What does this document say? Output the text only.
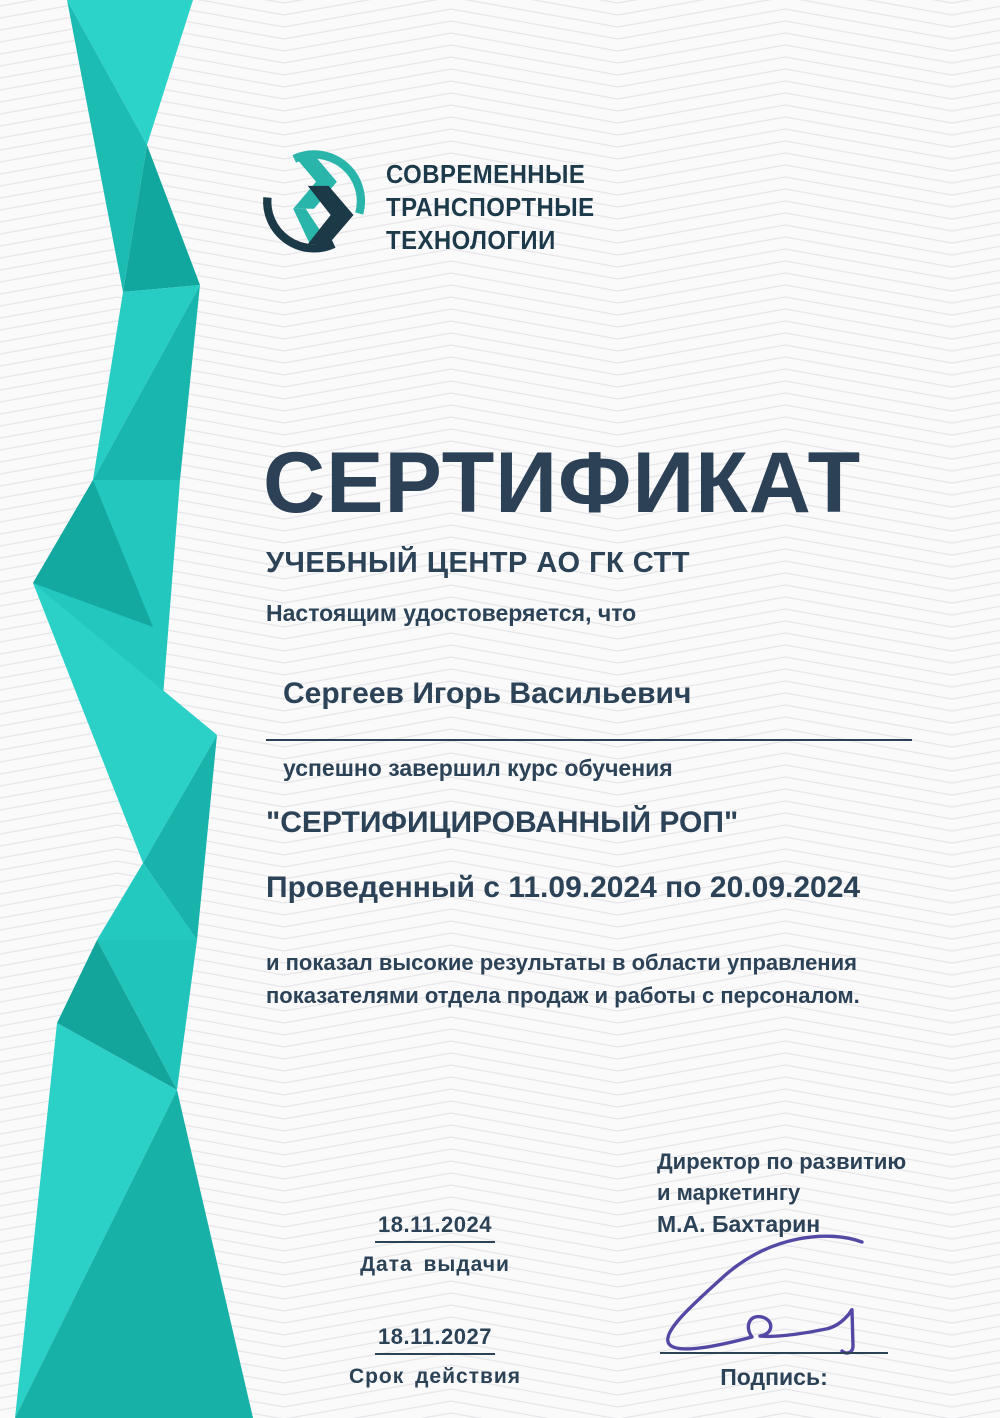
СОВРЕМЕННЫЕ
ТРАНСПОРТНЫЕ
ТЕХНОЛОГИИ
СЕРТИФИКАТ
УЧЕБНЫЙ ЦЕНТР АО ГК СТТ
Настоящим удостоверяется, что
Сергеев Игорь Васильевич
успешно завершил курс обучения
"СЕРТИФИЦИРОВАННЫЙ РОП"
Проведенный с 11.09.2024 по 20.09.2024
и показал высокие результаты в области управления показателями отдела продаж и работы с персоналом.
18.11.2024
Дата выдачи
18.11.2027
Срок действия
Директор по развитию и маркетингу
М.А. Бахтарин
Подпись:
